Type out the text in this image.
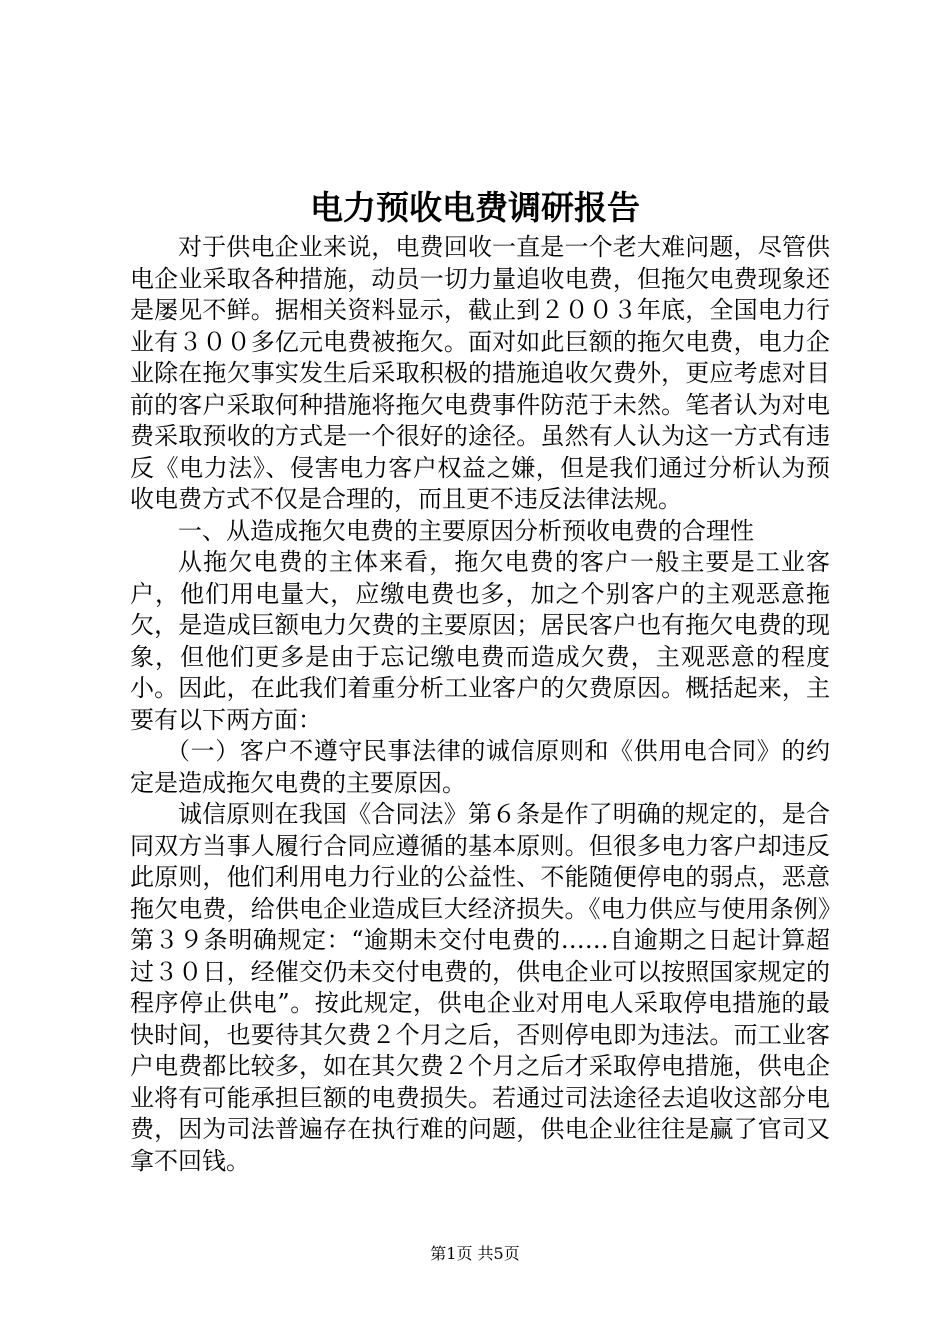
电力预收电费调研报告

对于供电企业来说，电费回收一直是一个老大难问题，尽管供电企业采取各种措施，动员一切力量追收电费，但拖欠电费现象还是屡见不鲜。据相关资料显示，截止到２００３年底，全国电力行业有３００多亿元电费被拖欠。面对如此巨额的拖欠电费，电力企业除在拖欠事实发生后采取积极的措施追收欠费外，更应考虑对目前的客户采取何种措施将拖欠电费事件防范于未然。笔者认为对电费采取预收的方式是一个很好的途径。虽然有人认为这一方式有违反《电力法》、侵害电力客户权益之嫌，但是我们通过分析认为预收电费方式不仅是合理的，而且更不违反法律法规。

一、从造成拖欠电费的主要原因分析预收电费的合理性

从拖欠电费的主体来看，拖欠电费的客户一般主要是工业客户，他们用电量大，应缴电费也多，加之个别客户的主观恶意拖欠，是造成巨额电力欠费的主要原因；居民客户也有拖欠电费的现象，但他们更多是由于忘记缴电费而造成欠费，主观恶意的程度小。因此，在此我们着重分析工业客户的欠费原因。概括起来，主要有以下两方面：

（一）客户不遵守民事法律的诚信原则和《供用电合同》的约定是造成拖欠电费的主要原因。

诚信原则在我国《合同法》第６条是作了明确的规定的，是合同双方当事人履行合同应遵循的基本原则。但很多电力客户却违反此原则，他们利用电力行业的公益性、不能随便停电的弱点，恶意拖欠电费，给供电企业造成巨大经济损失。《电力供应与使用条例》第３９条明确规定：“逾期未交付电费的……自逾期之日起计算超过３０日，经催交仍未交付电费的，供电企业可以按照国家规定的程序停止供电”。按此规定，供电企业对用电人采取停电措施的最快时间，也要待其欠费２个月之后，否则停电即为违法。而工业客户电费都比较多，如在其欠费２个月之后才采取停电措施，供电企业将有可能承担巨额的电费损失。若通过司法途径去追收这部分电费，因为司法普遍存在执行难的问题，供电企业往往是赢了官司又拿不回钱。

第1页 共5页
